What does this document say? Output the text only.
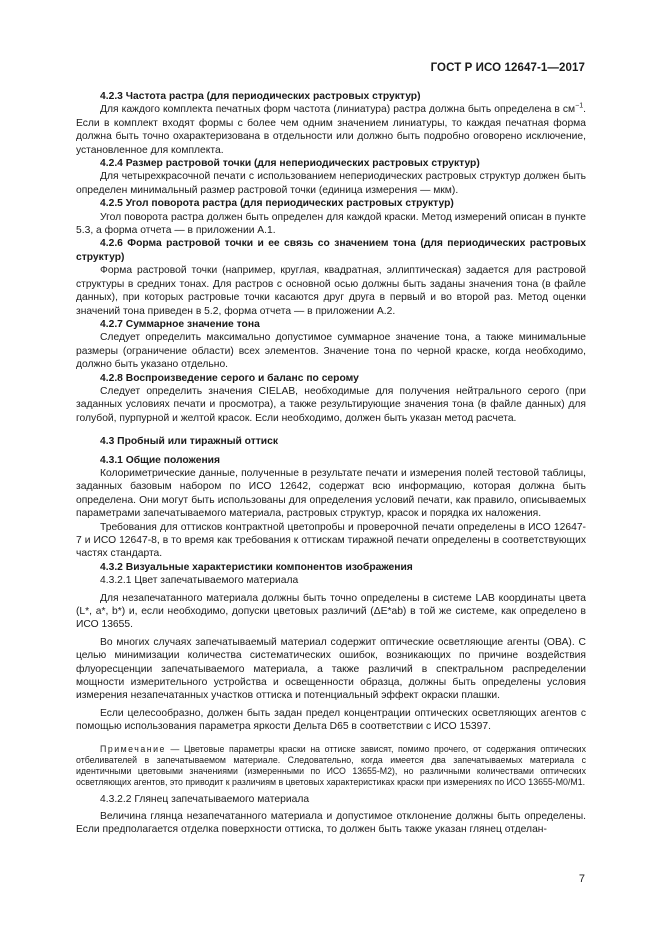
ГОСТ Р ИСО 12647-1—2017

4.2.3 Частота растра (для периодических растровых структур)

Для каждого комплекта печатных форм частота (линиатура) растра должна быть определена в $см^{-1}$. Если в комплект входят формы с более чем одним значением линиатуры, то каждая печатная форма должна быть точно охарактеризована в отдельности или должно быть подробно оговорено исключение, установленное для комплекта.

4.2.4 Размер растровой точки (для непериодических растровых структур)

Для четырехкрасочной печати с использованием непериодических растровых структур должен быть определен минимальный размер растровой точки (единица измерения — мкм).

4.2.5 Угол поворота растра (для периодических растровых структур)

Угол поворота растра должен быть определен для каждой краски. Метод измерений описан в пункте 5.3, а форма отчета — в приложении А.1.

4.2.6 Форма растровой точки и ее связь со значением тона (для периодических растровых структур)

Форма растровой точки (например, круглая, квадратная, эллиптическая) задается для растровой структуры в средних тонах. Для растров с основной осью должны быть заданы значения тона (в файле данных), при которых растровые точки касаются друг друга в первый и во второй раз. Метод оценки значений тона приведен в 5.2, форма отчета — в приложении А.2.

4.2.7 Суммарное значение тона

Следует определить максимально допустимое суммарное значение тона, а также минимальные размеры (ограничение области) всех элементов. Значение тона по черной краске, когда необходимо, должно быть указано отдельно.

4.2.8 Воспроизведение серого и баланс по серому

Следует определить значения CIELAB, необходимые для получения нейтрального серого (при заданных условиях печати и просмотра), а также результирующие значения тона (в файле данных) для голубой, пурпурной и желтой красок. Если необходимо, должен быть указан метод расчета.

4.3 Пробный или тиражный оттиск

4.3.1 Общие положения

Колориметрические данные, полученные в результате печати и измерения полей тестовой таблицы, заданных базовым набором по ИСО 12642, содержат всю информацию, которая должна быть определена. Они могут быть использованы для определения условий печати, как правило, описываемых параметрами запечатываемого материала, растровых структур, красок и порядка их наложения.

Требования для оттисков контрактной цветопробы и проверочной печати определены в ИСО 12647-7 и ИСО 12647-8, в то время как требования к оттискам тиражной печати определены в соответствующих частях стандарта.

4.3.2 Визуальные характеристики компонентов изображения

4.3.2.1 Цвет запечатываемого материала

Для незапечатанного материала должны быть точно определены в системе LAB координаты цвета (L*, a*, b*) и, если необходимо, допуски цветовых различий (ΔE*ab) в той же системе, как определено в ИСО 13655.

Во многих случаях запечатываемый материал содержит оптические осветляющие агенты (ОВА). С целью минимизации количества систематических ошибок, возникающих по причине воздействия флуоресценции запечатываемого материала, а также различий в спектральном распределении мощности измерительного устройства и освещенности образца, должны быть определены условия измерения незапечатанных участков оттиска и потенциальный эффект окраски плашки.

Если целесообразно, должен быть задан предел концентрации оптических осветляющих агентов с помощью использования параметра яркости Дельта D65 в соответствии с ИСО 15397.

Примечание — Цветовые параметры краски на оттиске зависят, помимо прочего, от содержания оптических отбеливателей в запечатываемом материале. Следовательно, когда имеется два запечатываемых материала с идентичными цветовыми значениями (измеренными по ИСО 13655-M2), но различными количествами оптических осветляющих агентов, это приводит к различиям в цветовых характеристиках краски при измерениях по ИСО 13655-M0/M1.

4.3.2.2 Глянец запечатываемого материала

Величина глянца незапечатанного материала и допустимое отклонение должны быть определены. Если предполагается отделка поверхности оттиска, то должен быть также указан глянец отделан-

7
